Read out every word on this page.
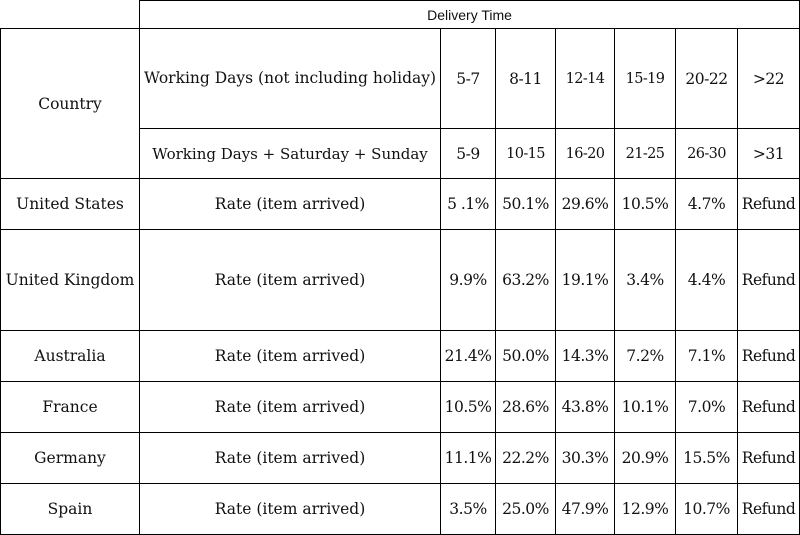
	Delivery Time						
Country	Working Days (not including holiday)	5-7	8-11	12-14	15-19	20-22	>22
	Working Days + Saturday + Sunday	5-9	10-15	16-20	21-25	26-30	>31
United States	Rate (item arrived)	5 .1%	50.1%	29.6%	10.5%	4.7%	Refund
United Kingdom	Rate (item arrived)	9.9%	63.2%	19.1%	3.4%	4.4%	Refund
Australia	Rate (item arrived)	21.4%	50.0%	14.3%	7.2%	7.1%	Refund
France	Rate (item arrived)	10.5%	28.6%	43.8%	10.1%	7.0%	Refund
Germany	Rate (item arrived)	11.1%	22.2%	30.3%	20.9%	15.5%	Refund
Spain	Rate (item arrived)	3.5%	25.0%	47.9%	12.9%	10.7%	Refund
